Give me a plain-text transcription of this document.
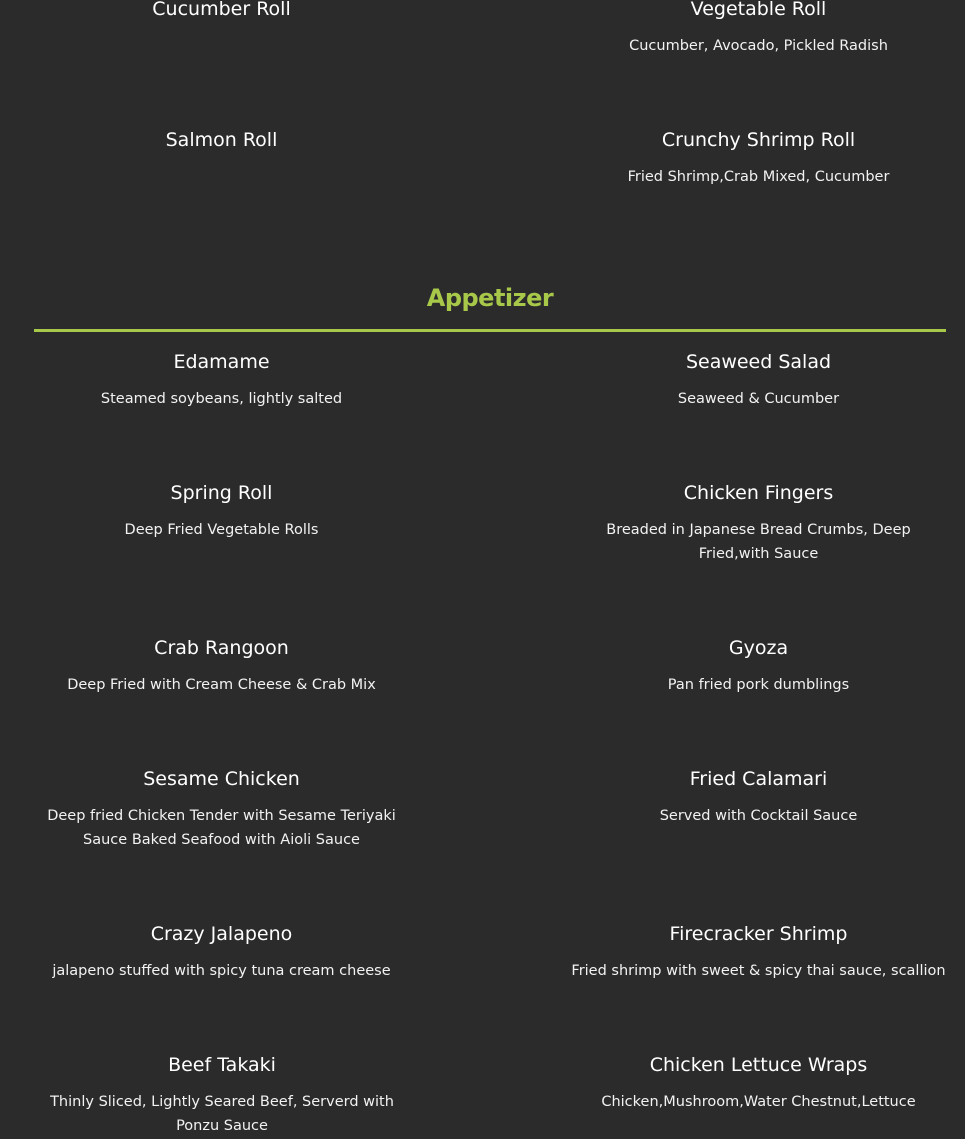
Cucumber Roll	Vegetable Roll
Cucumber, Avocado, Pickled Radish
Salmon Roll	Crunchy Shrimp Roll
Fried Shrimp,Crab Mixed, Cucumber
Appetizer
Edamame
Steamed soybeans, lightly salted
Seaweed Salad
Seaweed & Cucumber
Spring Roll
Deep Fried Vegetable Rolls
Chicken Fingers
Breaded in Japanese Bread Crumbs, Deep Fried,with Sauce
Crab Rangoon
Deep Fried with Cream Cheese & Crab Mix
Gyoza
Pan fried pork dumblings
Sesame Chicken
Deep fried Chicken Tender with Sesame Teriyaki Sauce Baked Seafood with Aioli Sauce
Fried Calamari
Served with Cocktail Sauce
Crazy Jalapeno
jalapeno stuffed with spicy tuna cream cheese
Firecracker Shrimp
Fried shrimp with sweet & spicy thai sauce, scallion
Beef Takaki
Thinly Sliced, Lightly Seared Beef, Serverd with Ponzu Sauce
Chicken Lettuce Wraps
Chicken,Mushroom,Water Chestnut,Lettuce
